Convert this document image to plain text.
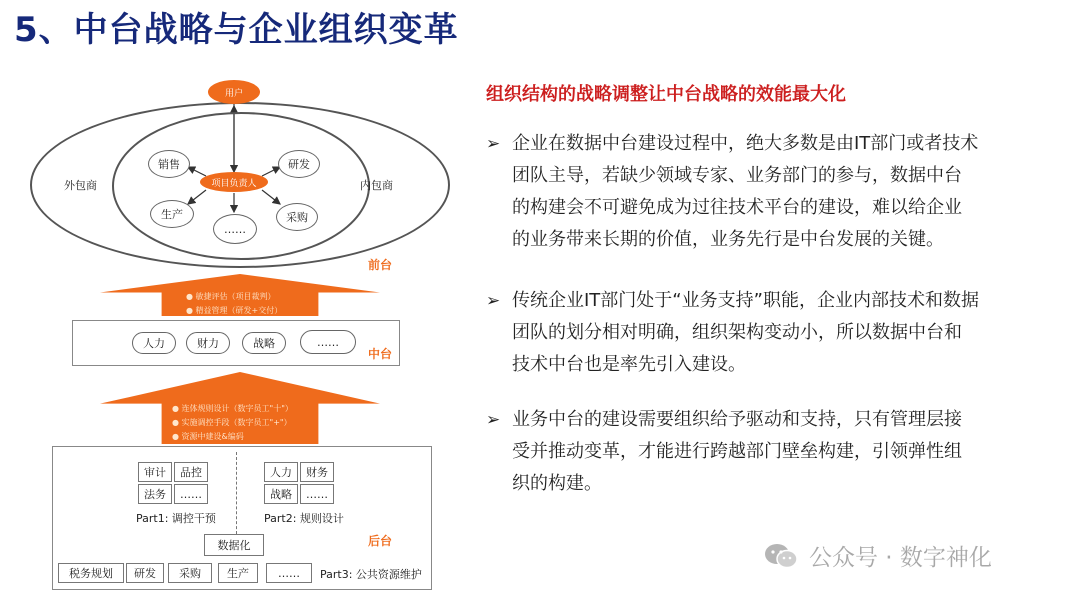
5、中台战略与企业组织变革
用户
项目负责人
销售	研发
生产	采购
……
外包商	内包商
前台
● 敏捷评估（项目裁判）
● 精益管理（研发+交付）
人力	财力	战略	……
中台
● 连体规则设计（数字员工"十"）
● 实施调控手段（数字员工"+"）
● 资源中建设&编码
审计	品控
法务	……
Part1: 调控干预
人力	财务
战略	……
Part2: 规则设计
后台
数据化
税务规划	研发	采购	生产	……	Part3: 公共资源维护
组织结构的战略调整让中台战略的效能最大化
➢ 企业在数据中台建设过程中，绝大多数是由IT部门或者技术
团队主导，若缺少领域专家、业务部门的参与，数据中台
的构建会不可避免成为过往技术平台的建设，难以给企业
的业务带来长期的价值，业务先行是中台发展的关键。
➢ 传统企业IT部门处于“业务支持”职能，企业内部技术和数据
团队的划分相对明确，组织架构变动小，所以数据中台和
技术中台也是率先引入建设。
➢ 业务中台的建设需要组织给予驱动和支持，只有管理层接
受并推动变革，才能进行跨越部门壁垒构建，引领弹性组
织的构建。
公众号 · 数字神化
